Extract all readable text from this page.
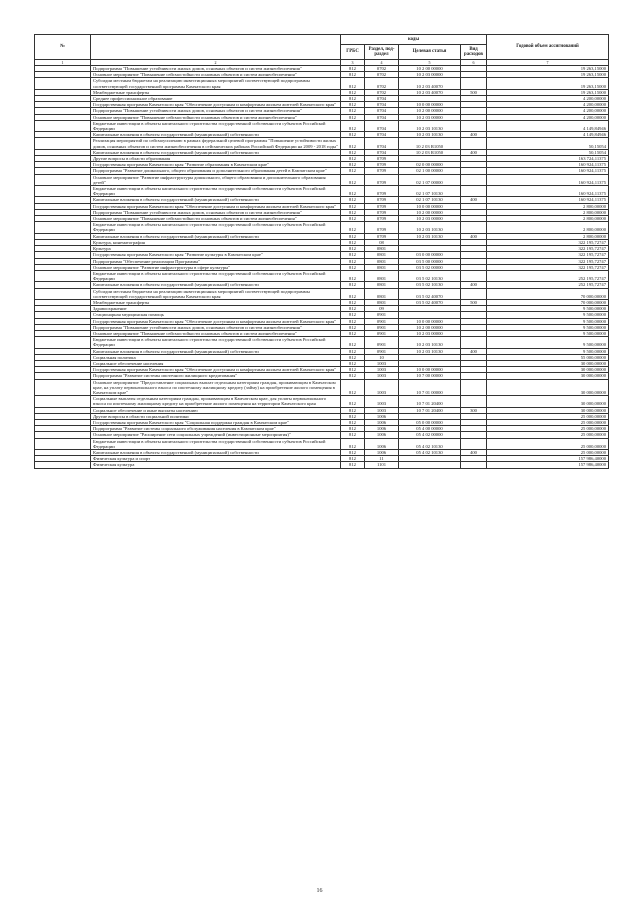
№		коды				Годовой объем ассигнований
		ГРБС	Раздел, под-раздел	Целевая статья	Вид расходов	
1	2	3	4	5	6	7
	Подпрограмма "Повышение устойчивости жилых домов, основных объектов и систем жизнеобеспечения"	812	0702	10 2 00 00000		19 263,15000
	Основное мероприятие "Повышение сейсмостойкости основных объектов и систем жизнеобеспечения"	812	0702	10 2 03 00000		19 263,15000
	Субсидии местным бюджетам на реализацию инвестиционных мероприятий соответствующей подпрограммы соответствующей государственной программы Камчатского края	812	0702	10 2 03 40070		19 263,15000
	Межбюджетные трансферты	812	0702	10 2 03 40070	500	19 263,15000
	Среднее профессиональное образование	812	0704			4 200,00000
	Государственная программа Камчатского края "Обеспечение доступным и комфортным жильем жителей Камчатского края"	812	0704	10 0 00 00000		4 200,00000
	Подпрограмма "Повышение устойчивости жилых домов, основных объектов и систем жизнеобеспечения"	812	0704	10 2 00 00000		4 200,00000
	Основное мероприятие "Повышение сейсмостойкости основных объектов и систем жизнеобеспечения"	812	0704	10 2 03 00000		4 200,00000
	Бюджетные инвестиции в объекты капитального строительства государственной собственности субъектов Российской Федерации	812	0704	10 2 03 10130		4 149,84946
	Капитальные вложения в объекты государственной (муниципальной) собственности	812	0704	10 2 03 10130	400	4 149,84946
	Реализация мероприятий по сейсмоусилению в рамках федеральной целевой программы "Повышение устойчивости жилых домов, основных объектов и систем жизнеобеспечения в сейсмических районах Российской Федерации на 2009 - 2018 годы"	812	0704	10 2 03 R1050		50,15054
	Капитальные вложения в объекты государственной (муниципальной) собственности	812	0704	10 2 03 R1050	400	50,15054
	Другие вопросы в области образования	812	0709			163 724,11375
	Государственная программа Камчатского края "Развитие образования в Камчатском крае"	812	0709	02 0 00 00000		160 924,11375
	Подпрограмма "Развитие дошкольного, общего образования и дополнительного образования детей в Камчатском крае"	812	0709	02 1 00 00000		160 924,11375
	Основное мероприятие "Развитие инфраструктуры дошкольного, общего образования и дополнительного образования детей"	812	0709	02 1 07 00000		160 924,11375
	Бюджетные инвестиции в объекты капитального строительства государственной собственности субъектов Российской Федерации	812	0709	02 1 07 10130		160 924,11375
	Капитальные вложения в объекты государственной (муниципальной) собственности	812	0709	02 1 07 10130	400	160 924,11375
	Государственная программа Камчатского края "Обеспечение доступным и комфортным жильем жителей Камчатского края"	812	0709	10 0 00 00000		2 800,00000
	Подпрограмма "Повышение устойчивости жилых домов, основных объектов и систем жизнеобеспечения"	812	0709	10 2 00 00000		2 800,00000
	Основное мероприятие "Повышение сейсмостойкости основных объектов и систем жизнеобеспечения"	812	0709	10 2 03 00000		2 800,00000
	Бюджетные инвестиции в объекты капитального строительства государственной собственности субъектов Российской Федерации	812	0709	10 2 03 10130		2 800,00000
	Капитальные вложения в объекты государственной (муниципальной) собственности	812	0709	10 2 03 10130	400	2 800,00000
	Культура, кинематография	812	08			322 195,72747
	Культура	812	0801			322 195,72747
	Государственная программа Камчатского края "Развитие культуры в Камчатском крае"	812	0801	03 0 00 00000		322 195,72747
	Подпрограмма "Обеспечение реализации Программы"	812	0801	03 5 00 00000		322 195,72747
	Основное мероприятие "Развитие инфраструктуры в сфере культуры"	812	0801	03 5 02 00000		322 195,72747
	Бюджетные инвестиции в объекты капитального строительства государственной собственности субъектов Российской Федерации	812	0801	03 5 02 10130		252 195,72747
	Капитальные вложения в объекты государственной (муниципальной) собственности	812	0801	03 5 02 10130	400	252 195,72747
	Субсидии местным бюджетам на реализацию инвестиционных мероприятий соответствующей подпрограммы соответствующей государственной программы Камчатского края	812	0801	03 5 02 40070		70 000,00000
	Межбюджетные трансферты	812	0801	03 5 02 40070	500	70 000,00000
	Здравоохранение	812	09			9 500,00000
	Стационарная медицинская помощь	812	0901			9 500,00000
	Государственная программа Камчатского края "Обеспечение доступным и комфортным жильем жителей Камчатского края"	812	0901	10 0 00 00000		9 500,00000
	Подпрограмма "Повышение устойчивости жилых домов, основных объектов и систем жизнеобеспечения"	812	0901	10 2 00 00000		9 500,00000
	Основное мероприятие "Повышение сейсмостойкости основных объектов и систем жизнеобеспечения"	812	0901	10 2 03 00000		9 500,00000
	Бюджетные инвестиции в объекты капитального строительства государственной собственности субъектов Российской Федерации	812	0901	10 2 03 10130		9 500,00000
	Капитальные вложения в объекты государственной (муниципальной) собственности	812	0901	10 2 03 10130	400	9 500,00000
	Социальная политика	812	10			55 000,00000
	Социальное обеспечение населения	812	1003			30 000,00000
	Государственная программа Камчатского края "Обеспечение доступным и комфортным жильем жителей Камчатского края"	812	1003	10 0 00 00000		30 000,00000
	Подпрограмма "Развитие системы ипотечного жилищного кредитования"	812	1003	10 7 00 00000		30 000,00000
	Основное мероприятие "Предоставление социальных выплат отдельным категориям граждан, проживающим в Камчатском крае, на уплату первоначального взноса по ипотечному жилищному кредиту (займу) на приобретение жилого помещения в Камчатском крае"	812	1003	10 7 01 00000		30 000,00000
	Социальные выплаты отдельным категориям граждан, проживающим в Камчатском крае, для уплаты первоначального взноса по ипотечному жилищному кредиту на приобретение жилого помещения на территории Камчатского края	812	1003	10 7 01 20400		30 000,00000
	Социальное обеспечение и иные выплаты населению	812	1003	10 7 01 20400	300	30 000,00000
	Другие вопросы в области социальной политики	812	1006			25 000,00000
	Государственная программа Камчатского края "Социальная поддержка граждан в Камчатском крае"	812	1006	05 0 00 00000		25 000,00000
	Подпрограмма "Развитие системы социального обслуживания населения в Камчатском крае"	812	1006	05 4 00 00000		25 000,00000
	Основное мероприятие "Расширение сети социальных учреждений (инвестиционные мероприятия)"	812	1006	05 4 02 00000		25 000,00000
	Бюджетные инвестиции в объекты капитального строительства государственной собственности субъектов Российской Федерации	812	1006	05 4 02 10130		25 000,00000
	Капитальные вложения в объекты государственной (муниципальной) собственности	812	1006	05 4 02 10130	400	25 000,00000
	Физическая культура и спорт	812	11			157 986,40000
	Физическая культура	812	1101			157 986,40000
16
